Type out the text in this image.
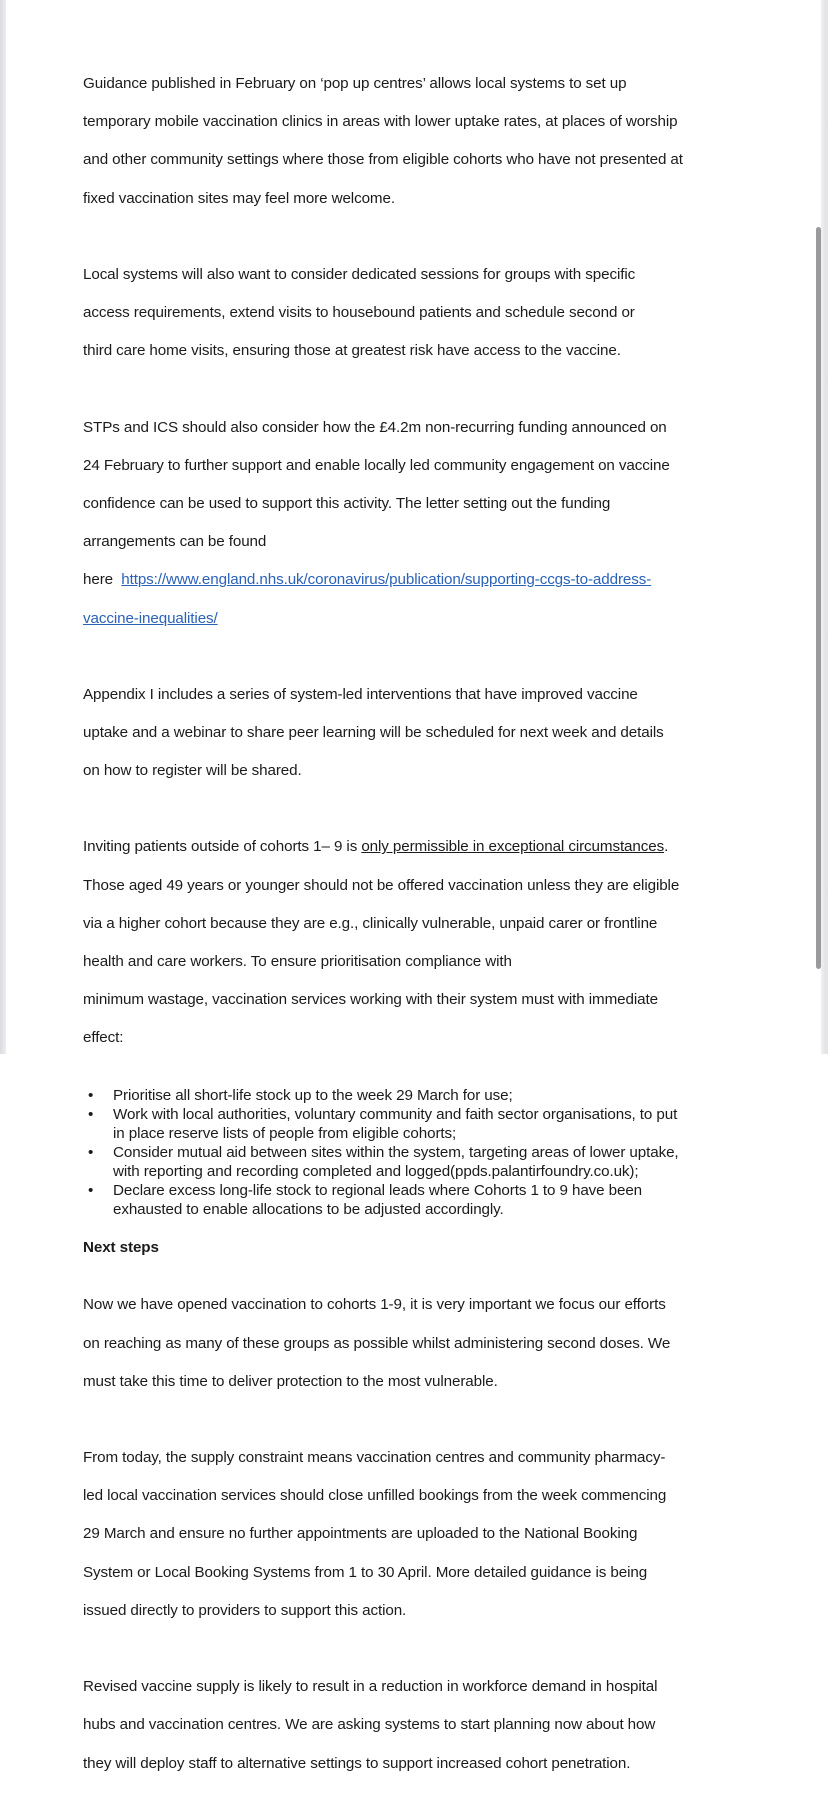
Guidance published in February on ‘pop up centres’ allows local systems to set up

temporary mobile vaccination clinics in areas with lower uptake rates, at places of worship

and other community settings where those from eligible cohorts who have not presented at

fixed vaccination sites may feel more welcome.

Local systems will also want to consider dedicated sessions for groups with specific

access requirements, extend visits to housebound patients and schedule second or

third care home visits, ensuring those at greatest risk have access to the vaccine.

STPs and ICS should also consider how the £4.2m non-recurring funding announced on

24 February to further support and enable locally led community engagement on vaccine

confidence can be used to support this activity. The letter setting out the funding

arrangements can be found

here  https://www.england.nhs.uk/coronavirus/publication/supporting-ccgs-to-address-

vaccine-inequalities/

Appendix I includes a series of system-led interventions that have improved vaccine

uptake and a webinar to share peer learning will be scheduled for next week and details

on how to register will be shared.

Inviting patients outside of cohorts 1– 9 is only permissible in exceptional circumstances.

Those aged 49 years or younger should not be offered vaccination unless they are eligible

via a higher cohort because they are e.g., clinically vulnerable, unpaid carer or frontline

health and care workers. To ensure prioritisation compliance with

minimum wastage, vaccination services working with their system must with immediate

effect:

• Prioritise all short-life stock up to the week 29 March for use;
• Work with local authorities, voluntary community and faith sector organisations, to put
in place reserve lists of people from eligible cohorts;
• Consider mutual aid between sites within the system, targeting areas of lower uptake,
with reporting and recording completed and logged(ppds.palantirfoundry.co.uk);
• Declare excess long-life stock to regional leads where Cohorts 1 to 9 have been
exhausted to enable allocations to be adjusted accordingly.
Next steps

Now we have opened vaccination to cohorts 1-9, it is very important we focus our efforts

on reaching as many of these groups as possible whilst administering second doses. We

must take this time to deliver protection to the most vulnerable.

From today, the supply constraint means vaccination centres and community pharmacy-

led local vaccination services should close unfilled bookings from the week commencing

29 March and ensure no further appointments are uploaded to the National Booking

System or Local Booking Systems from 1 to 30 April. More detailed guidance is being

issued directly to providers to support this action.

Revised vaccine supply is likely to result in a reduction in workforce demand in hospital

hubs and vaccination centres. We are asking systems to start planning now about how

they will deploy staff to alternative settings to support increased cohort penetration.
